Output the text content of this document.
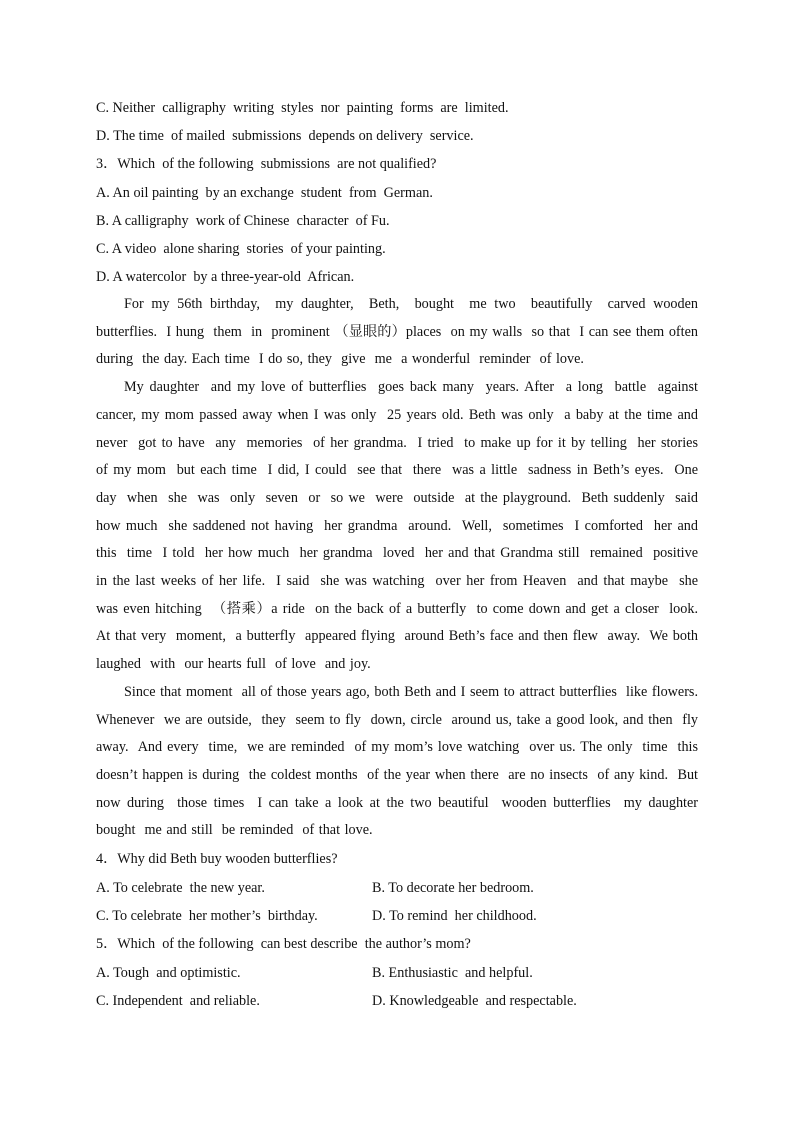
C. Neither  calligraphy  writing  styles  nor  painting  forms  are  limited.
D. The time  of mailed  submissions  depends on delivery  service.
3．Which  of the following  submissions  are not qualified?
A. An oil painting  by an exchange  student  from  German.
B. A calligraphy  work of Chinese  character  of Fu.
C. A video  alone sharing  stories  of your painting.
D. A watercolor  by a three-year-old  African.

For my 56th birthday,  my daughter,  Beth,  bought  me two  beautifully  carved wooden butterflies.  I hung  them  in  prominent （显眼的）places  on my walls  so that  I can see them often  during  the day. Each time  I do so, they  give  me  a wonderful  reminder  of love.

My daughter  and my love of butterflies  goes back many  years. After  a long  battle  against cancer, my mom passed away when I was only  25 years old. Beth was only  a baby at the time and never  got to have  any  memories  of her grandma.  I tried  to make up for it by telling  her stories  of my mom  but each time  I did, I could  see that  there  was a little  sadness in Beth’s eyes.  One  day  when  she  was  only  seven  or  so we  were  outside  at the playground.  Beth suddenly  said how much  she saddened not having  her grandma  around.  Well,  sometimes  I comforted  her and this  time  I told  her how much  her grandma  loved  her and that Grandma still  remained  positive  in the last weeks of her life.  I said  she was watching  over her from Heaven  and that maybe  she was even hitching  （搭乘）a ride  on the back of a butterfly  to come down and get a closer  look.  At that very  moment,  a butterfly  appeared flying  around Beth’s face and then flew  away.  We both laughed  with  our hearts full  of love  and joy.

Since that moment  all of those years ago, both Beth and I seem to attract butterflies  like flowers.  Whenever  we are outside,  they  seem to fly  down, circle  around us, take a good look, and then  fly  away.  And every  time,  we are reminded  of my mom’s love watching  over us. The only  time  this  doesn’t happen is during  the coldest months  of the year when there  are no insects  of any kind.  But now during  those times  I can take a look at the two beautiful  wooden butterflies  my daughter  bought  me and still  be reminded  of that love.

4．Why did Beth buy wooden butterflies?
A. To celebrate  the new year.	B. To decorate her bedroom.
C. To celebrate  her mother’s  birthday.	D. To remind  her childhood.
5．Which  of the following  can best describe  the author’s mom?
A. Tough  and optimistic.	B. Enthusiastic  and helpful.
C. Independent  and reliable.	D. Knowledgeable  and respectable.
